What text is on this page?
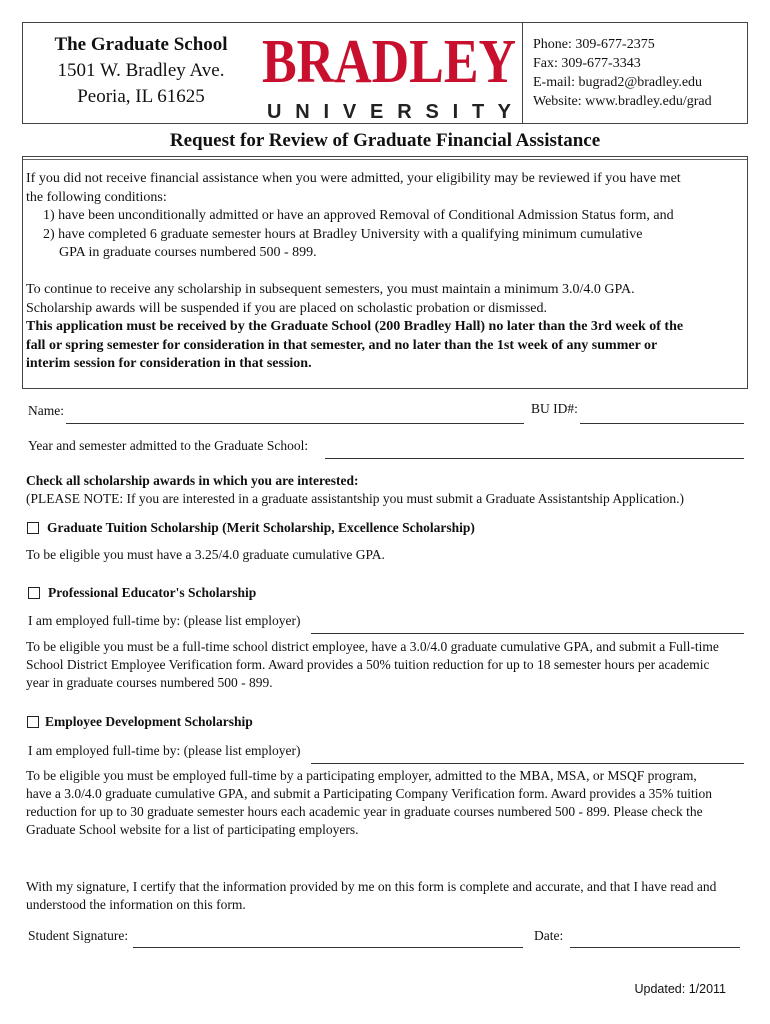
The Graduate School
1501 W. Bradley Ave.
Peoria, IL 61625
BRADLEY
U N I V E R S I T Y
Phone: 309-677-2375
Fax: 309-677-3343
E-mail: bugrad2@bradley.edu
Website: www.bradley.edu/grad
Request for Review of Graduate Financial Assistance
If you did not receive financial assistance when you were admitted, your eligibility may be reviewed if you have met
the following conditions:
1) have been unconditionally admitted or have an approved Removal of Conditional Admission Status form, and
2) have completed 6 graduate semester hours at Bradley University with a qualifying minimum cumulative
GPA in graduate courses numbered 500 - 899.
To continue to receive any scholarship in subsequent semesters, you must maintain a minimum 3.0/4.0 GPA.
Scholarship awards will be suspended if you are placed on scholastic probation or dismissed.
This application must be received by the Graduate School (200 Bradley Hall) no later than the 3rd week of the
fall or spring semester for consideration in that semester, and no later than the 1st week of any summer or
interim session for consideration in that session.
Name:	BU ID#:
Year and semester admitted to the Graduate School:
Check all scholarship awards in which you are interested:
(PLEASE NOTE: If you are interested in a graduate assistantship you must submit a Graduate Assistantship Application.)
Graduate Tuition Scholarship (Merit Scholarship, Excellence Scholarship)
To be eligible you must have a 3.25/4.0 graduate cumulative GPA.
Professional Educator's Scholarship
I am employed full-time by: (please list employer)
To be eligible you must be a full-time school district employee, have a 3.0/4.0 graduate cumulative GPA, and submit a Full-time
School District Employee Verification form. Award provides a 50% tuition reduction for up to 18 semester hours per academic
year in graduate courses numbered 500 - 899.
Employee Development Scholarship
I am employed full-time by: (please list employer)
To be eligible you must be employed full-time by a participating employer, admitted to the MBA, MSA, or MSQF program,
have a 3.0/4.0 graduate cumulative GPA, and submit a Participating Company Verification form. Award provides a 35% tuition
reduction for up to 30 graduate semester hours each academic year in graduate courses numbered 500 - 899. Please check the
Graduate School website for a list of participating employers.
With my signature, I certify that the information provided by me on this form is complete and accurate, and that I have read and
understood the information on this form.
Student Signature:	Date:
Updated: 1/2011
